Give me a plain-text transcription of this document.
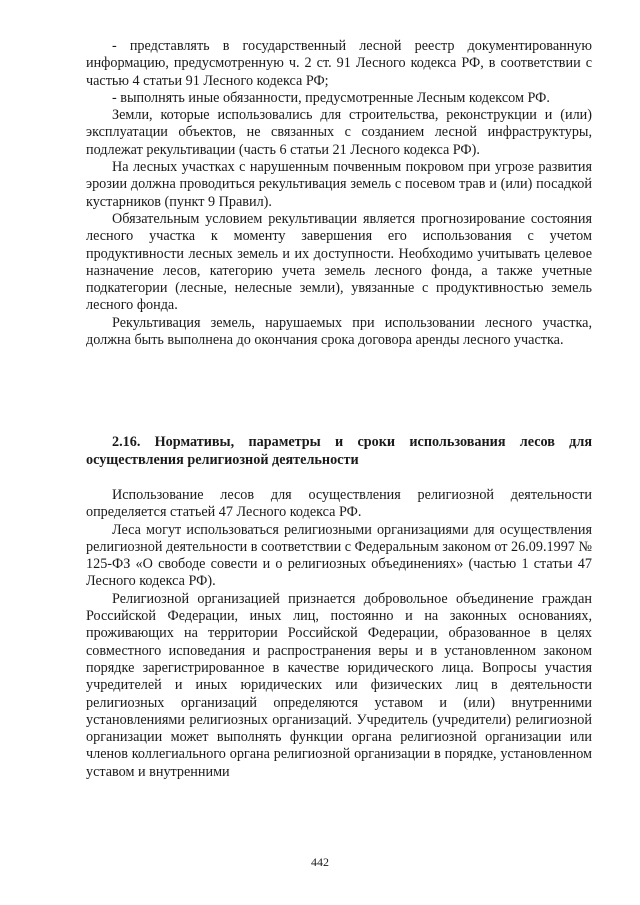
- представлять в государственный лесной реестр документированную информацию, предусмотренную ч. 2 ст. 91 Лесного кодекса РФ, в соответствии с частью 4 статьи 91 Лесного кодекса РФ;

- выполнять иные обязанности, предусмотренные Лесным кодексом РФ.

Земли, которые использовались для строительства, реконструкции и (или) эксплуатации объектов, не связанных с созданием лесной инфраструктуры, подлежат рекультивации (часть 6 статьи 21 Лесного кодекса РФ).

На лесных участках с нарушенным почвенным покровом при угрозе развития эрозии должна проводиться рекультивация земель с посевом трав и (или) посадкой кустарников (пункт 9 Правил).

Обязательным условием рекультивации является прогнозирование состояния лесного участка к моменту завершения его использования с учетом продуктивности лесных земель и их доступности. Необходимо учитывать целевое назначение лесов, категорию учета земель лесного фонда, а также учетные подкатегории (лесные, нелесные земли), увязанные с продуктивностью земель лесного фонда.

Рекультивация земель, нарушаемых при использовании лесного участка, должна быть выполнена до окончания срока договора аренды лесного участка.

2.16. Нормативы, параметры и сроки использования лесов для осуществления религиозной деятельности

Использование лесов для осуществления религиозной деятельности определяется статьей 47 Лесного кодекса РФ.

Леса могут использоваться религиозными организациями для осуществления религиозной деятельности в соответствии с Федеральным законом от 26.09.1997 № 125-ФЗ «О свободе совести и о религиозных объединениях» (частью 1 статьи 47 Лесного кодекса РФ).

Религиозной организацией признается добровольное объединение граждан Российской Федерации, иных лиц, постоянно и на законных основаниях, проживающих на территории Российской Федерации, образованное в целях совместного исповедания и распространения веры и в установленном законом порядке зарегистрированное в качестве юридического лица. Вопросы участия учредителей и иных юридических или физических лиц в деятельности религиозных организаций определяются уставом и (или) внутренними установлениями религиозных организаций. Учредитель (учредители) религиозной организации может выполнять функции органа религиозной организации или членов коллегиального органа религиозной организации в порядке, установленном уставом и внутренними

442
